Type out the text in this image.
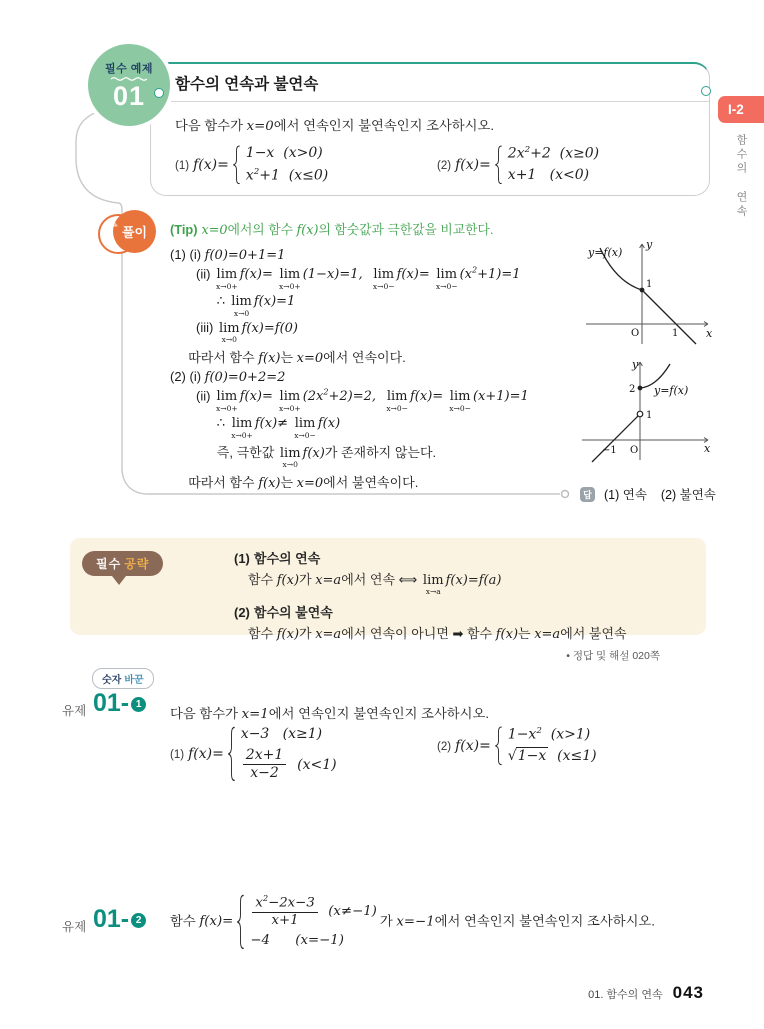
필수 예제
01	함수의 연속과 불연속
다음 함수가 x=0에서 연속인지 불연속인지 조사하시오.
(1) f(x)=
1−x  (x>0)
$x^2+1$  (x≤0)
(2) f(x)=
$2x^2+2$  (x≥0)
x+1   (x<0)
풀이
✎	(Tip) x=0에서의 함수 f(x)의 함숫값과 극한값을 비교한다.
(1) (i) f(0)=0+1=1
(ii) lim
x→0+
f(x)= lim
x→0+
(1−x)=1, lim
x→0−
f(x)= lim
x→0−
$(x^2+1)=1$
∴ lim
x→0
f(x)=1
(iii) lim
x→0
f(x)=f(0)
따라서 함수 f(x)는 x=0에서 연속이다.
(2) (i) f(0)=0+2=2
(ii) lim
x→0+
f(x)= lim
x→0+
$(2x^2+2)=2$, lim
x→0−
f(x)= lim
x→0−
(x+1)=1
∴ lim
x→0+
f(x)≠ lim
x→0−
f(x)
즉, 극한값 lim
x→0
f(x)가 존재하지 않는다.
따라서 함수 f(x)는 x=0에서 불연속이다.
y=f(x)
y
1
O	1	x
y
2 y=f(x)
1
−1 O	x
답 (1) 연속 (2) 불연속
필수 공략	(1) 함수의 연속
함수 f(x)가 x=a에서 연속 ⟺ lim
x→a
f(x)=f(a)
(2) 함수의 불연속
함수 f(x)가 x=a에서 연속이 아니면 ➡ 함수 f(x)는 x=a에서 불연속
• 정답 및 해설 020쪽
숫자 바꾼
유제 01- 1
다음 함수가 x=1에서 연속인지 불연속인지 조사하시오.
(1) f(x)=
x−3   (x≥1)
$\frac{2x+1}{x-2} (x<1)$
(2) f(x)=
$1-x^2$  (x>1)
√1−x  (x≤1)
유제 01- 2	함수 $f(x)= \frac{x^2-2x-3}{x+1} (x\ne-1)$
−4      (x=−1)
가 x=−1에서 연속인지 불연속인지 조사하시오.
01. 함수의 연속 043
I-2
함수의 연속
